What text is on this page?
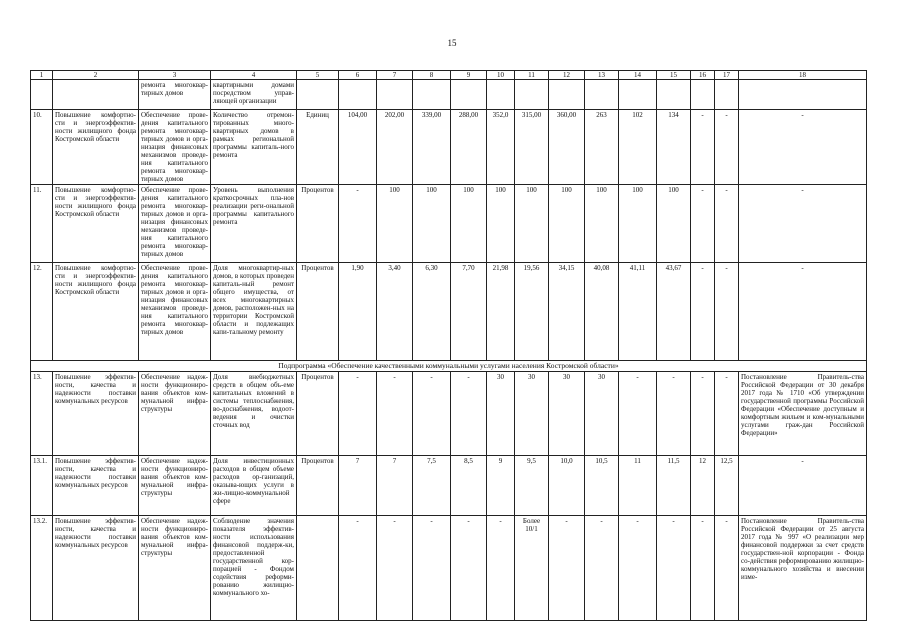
15
1	2	3	4	5	6	7	8	9	10	11	12	13	14	15	16	17	18
		ремонта многоквар-тирных домов	квартирными домами посредством управ-ляющей организации														
10.	Повышение комфортно-сти и энергоэффектив-ности жилищного фонда Костромской области	Обеспечение прове-дения капитального ремонта многоквар-тирных домов и орга-низация финансовых механизмов проведе-ния капитального ремонта многоквар-тирных домов	Количество отремон-тированных много-квартирных домов в рамках региональной программы капиталь-ного ремонта	Единиц	104,00	202,00	339,00	288,00	352,0	315,00	360,00	263	102	134	-	-	-
11.	Повышение комфортно-сти и энергоэффектив-ности жилищного фонда Костромской области	Обеспечение прове-дения капитального ремонта многоквар-тирных домов и орга-низация финансовых механизмов проведе-ния капитального ремонта многоквар-тирных домов	Уровень выполнения краткосрочных пла-нов реализации реги-ональной программы капитального ремонта	Процентов	-	100	100	100	100	100	100	100	100	100	-	-	-
12.	Повышение комфортно-сти и энергоэффектив-ности жилищного фонда Костромской области	Обеспечение прове-дения капитального ремонта многоквар-тирных домов и орга-низация финансовых механизмов проведе-ния капитального ремонта многоквар-тирных домов	Доля многоквартир-ных домов, в которых проведен капиталь-ный ремонт общего имущества, от всех многоквартирных домов, расположен-ных на территории Костромской области и подлежащих капи-тальному ремонту	Процентов	1,90	3,40	6,30	7,70	21,98	19,56	34,15	40,08	41,11	43,67	-	-	-
Подпрограмма «Обеспечение качественными коммунальными услугами населения Костромской области»																	
13.	Повышение эффектив-ности, качества и надежности поставки коммунальных ресурсов	Обеспечение надеж-ности функциониро-вания объектов ком-мунальной инфра-структуры	Доля внебюджетных средств в общем объ-еме капитальных вложений в системы теплоснабжения, во-доснабжения, водоот-ведения и очистки сточных вод	Процентов	-	-	-	-	30	30	30	30	-	-	-	-	Постановление Правитель-ства Российской Федерации от 30 декабря 2017 года № 1710 «Об утверждении государственной программы Российской Федерации «Обеспечение доступным и комфортным жильем и ком-мунальными услугами граж-дан Российской Федерации»
13.1.	Повышение эффектив-ности, качества и надежности поставки коммунальных ресурсов	Обеспечение надеж-ности функциониро-вания объектов ком-мунальной инфра-структуры	Доля инвестиционных расходов в общем объеме расходов ор-ганизаций, оказыва-ющих услуги в жи-лищно-коммунальной сфере	Процентов	7	7	7,5	8,5	9	9,5	10,0	10,5	11	11,5	12	12,5	-
13.2.	Повышение эффектив-ности, качества и надежности поставки коммунальных ресурсов	Обеспечение надеж-ности функциониро-вания объектов ком-мунальной инфра-структуры	Соблюдение значения показателя эффектив-ности использования финансовой поддерж-ки, предоставленной государственной кор-порацией - Фондом содействия реформи-рованию жилищно-коммунального хо-		-	-	-	-	-	Более 10/1	-	-	-	-	-	-	Постановление Правитель-ства Российской Федерации от 25 августа 2017 года № 997 «О реализации мер финансовой поддержки за счет средств государствен-ной корпорации - Фонда со-действия реформированию жилищно-коммунального хозяйства и внесении изме-
